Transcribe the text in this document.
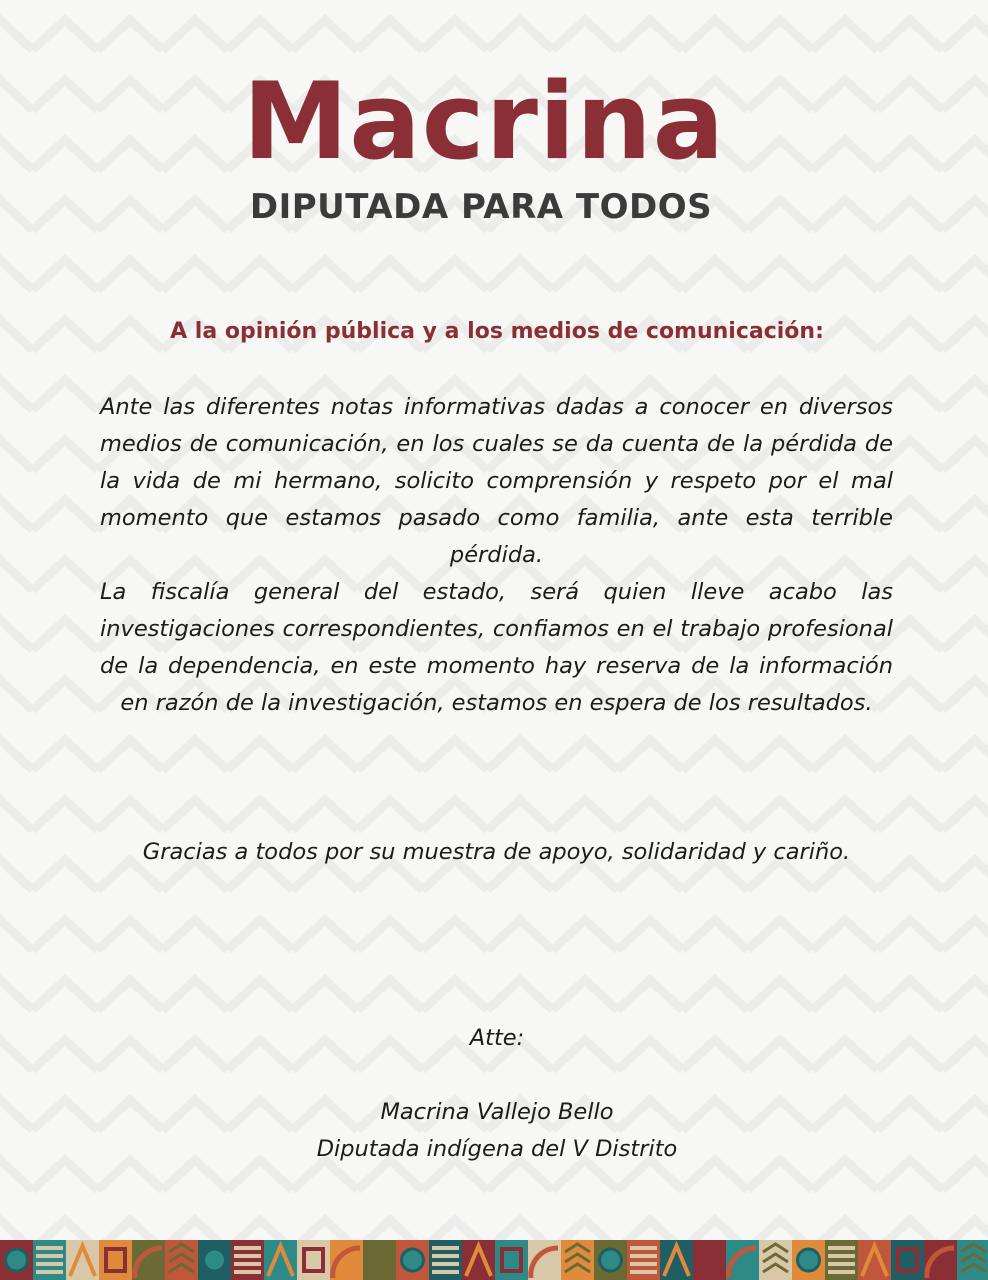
Macrina
DIPUTADA PARA TODOS

A la opinión pública y a los medios de comunicación:

Ante las diferentes notas informativas dadas a conocer en diversos medios de comunicación, en los cuales se da cuenta de la pérdida de la vida de mi hermano, solicito comprensión y respeto por el mal momento que estamos pasado como familia, ante esta terrible pérdida.

La fiscalía general del estado, será quien lleve acabo las investigaciones correspondientes, confiamos en el trabajo profesional de la dependencia, en este momento hay reserva de la información en razón de la investigación, estamos en espera de los resultados.

Gracias a todos por su muestra de apoyo, solidaridad y cariño.

Atte:

Macrina Vallejo Bello

Diputada indígena del V Distrito
